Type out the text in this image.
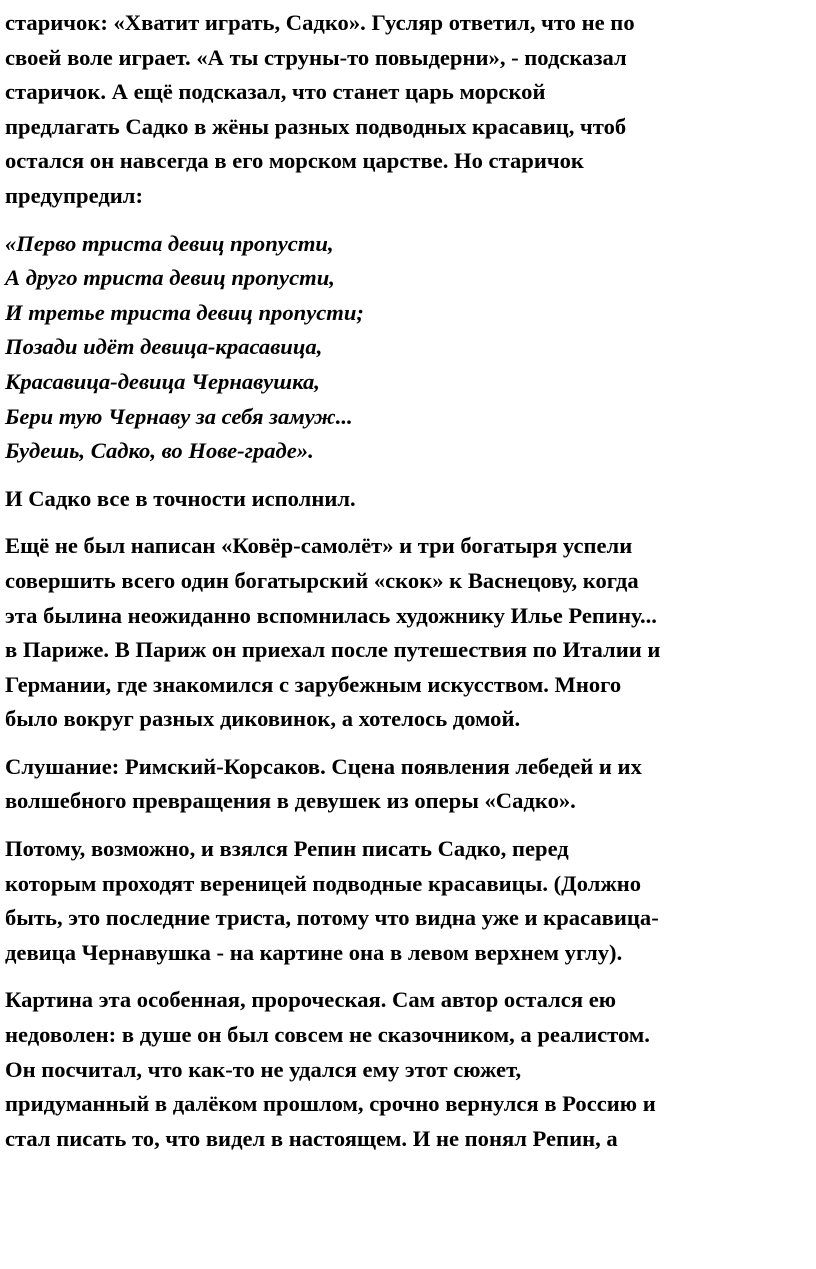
старичок: «Хватит играть, Садко». Гусляр ответил, что не по
своей воле играет. «А ты струны-то повыдерни», - подсказал
старичок. А ещё подсказал, что станет царь морской
предлагать Садко в жёны разных подводных красавиц, чтоб
остался он навсегда в его морском царстве. Но старичок
предупредил:
«Перво триста девиц пропусти,
А друго триста девиц пропусти,
И третье триста девиц пропусти;
Позади идёт девица-красавица,
Красавица-девица Чернавушка,
Бери тую Чернаву за себя замуж...
Будешь, Садко, во Нове-граде».
И Садко все в точности исполнил.
Ещё не был написан «Ковёр-самолёт» и три богатыря успели
совершить всего один богатырский «скок» к Васнецову, когда
эта былина неожиданно вспомнилась художнику Илье Репину...
в Париже. В Париж он приехал после путешествия по Италии и
Германии, где знакомился с зарубежным искусством. Много
было вокруг разных диковинок, а хотелось домой.
Слушание: Римский-Корсаков. Сцена появления лебедей и их
волшебного превращения в девушек из оперы «Садко».
Потому, возможно, и взялся Репин писать Садко, перед
которым проходят вереницей подводные красавицы. (Должно
быть, это последние триста, потому что видна уже и красавица-
девица Чернавушка - на картине она в левом верхнем углу).
Картина эта особенная, пророческая. Сам автор остался ею
недоволен: в душе он был совсем не сказочником, а реалистом.
Он посчитал, что как-то не удался ему этот сюжет,
придуманный в далёком прошлом, срочно вернулся в Россию и
стал писать то, что видел в настоящем. И не понял Репин, а
